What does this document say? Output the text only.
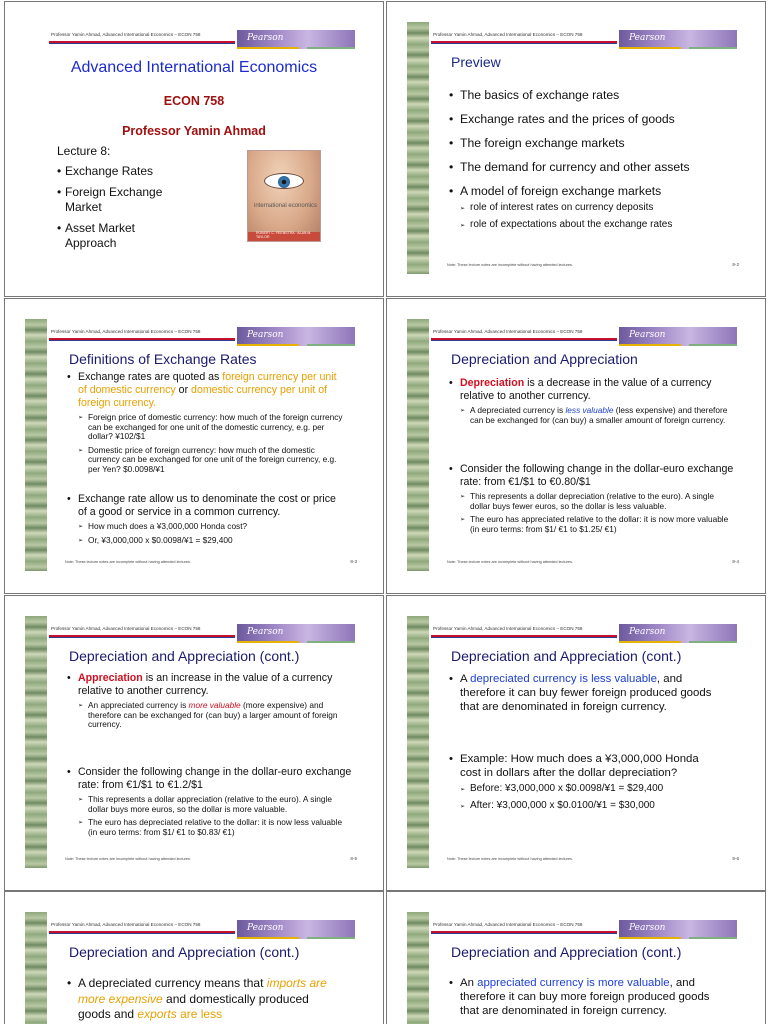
Professor Yamin Ahmad, Advanced International Economics – ECON 758	Pearson
Advanced International Economics
ECON 758
Professor Yamin Ahmad
Lecture 8:
• Exchange Rates
• Foreign Exchange Market
• Asset Market Approach
international economics
ROBERT C. FEENSTRA · ALAN M. TAYLOR
Professor Yamin Ahmad, Advanced International Economics – ECON 758	Pearson
Preview
• The basics of exchange rates
• Exchange rates and the prices of goods
• The foreign exchange markets
• The demand for currency and other assets
• A model of foreign exchange markets
➢ role of interest rates on currency deposits
➢ role of expectations about the exchange rates
Note: These lecture notes are incomplete without having attended lectures.	8-2
Professor Yamin Ahmad, Advanced International Economics – ECON 758	Pearson
Definitions of Exchange Rates
• Exchange rates are quoted as foreign currency per unit of domestic currency or domestic currency per unit of foreign currency.
➢ Foreign price of domestic currency: how much of the foreign currency can be exchanged for one unit of the domestic currency, e.g. per dollar? ¥102/$1
➢ Domestic price of foreign currency: how much of the domestic currency can be exchanged for one unit of the foreign currency, e.g. per Yen? $0.0098/¥1
• Exchange rate allow us to denominate the cost or price of a good or service in a common currency.
➢ How much does a ¥3,000,000 Honda cost?
➢ Or, ¥3,000,000 x $0.0098/¥1 = $29,400
Note: These lecture notes are incomplete without having attended lectures.	8-3
Professor Yamin Ahmad, Advanced International Economics – ECON 758	Pearson
Depreciation and Appreciation
• Depreciation is a decrease in the value of a currency relative to another currency.
➢ A depreciated currency is less valuable (less expensive) and therefore can be exchanged for (can buy) a smaller amount of foreign currency.
• Consider the following change in the dollar-euro exchange rate: from €1/$1 to €0.80/$1
➢ This represents a dollar depreciation (relative to the euro). A single dollar buys fewer euros, so the dollar is less valuable.
➢ The euro has appreciated relative to the dollar: it is now more valuable (in euro terms: from $1/ €1 to $1.25/ €1)
Note: These lecture notes are incomplete without having attended lectures.	8-4
Professor Yamin Ahmad, Advanced International Economics – ECON 758	Pearson
Depreciation and Appreciation (cont.)
• Appreciation is an increase in the value of a currency relative to another currency.
➢ An appreciated currency is more valuable (more expensive) and therefore can be exchanged for (can buy) a larger amount of foreign currency.
• Consider the following change in the dollar-euro exchange rate: from €1/$1 to €1.2/$1
➢ This represents a dollar appreciation (relative to the euro). A single dollar buys more euros, so the dollar is more valuable.
➢ The euro has depreciated relative to the dollar: it is now less valuable (in euro terms: from $1/ €1 to $0.83/ €1)
Note: These lecture notes are incomplete without having attended lectures.	8-5
Professor Yamin Ahmad, Advanced International Economics – ECON 758	Pearson
Depreciation and Appreciation (cont.)
• A depreciated currency is less valuable, and therefore it can buy fewer foreign produced goods that are denominated in foreign currency.
• Example: How much does a ¥3,000,000 Honda cost in dollars after the dollar depreciation?
➢ Before: ¥3,000,000 x $0.0098/¥1 = $29,400
➢ After: ¥3,000,000 x $0.0100/¥1 = $30,000
Note: These lecture notes are incomplete without having attended lectures.	8-6
Professor Yamin Ahmad, Advanced International Economics – ECON 758	Pearson
Depreciation and Appreciation (cont.)
• A depreciated currency means that imports are more expensive and domestically produced goods and exports are less
Professor Yamin Ahmad, Advanced International Economics – ECON 758	Pearson
Depreciation and Appreciation (cont.)
• An appreciated currency is more valuable, and therefore it can buy more foreign produced goods that are denominated in foreign currency.
